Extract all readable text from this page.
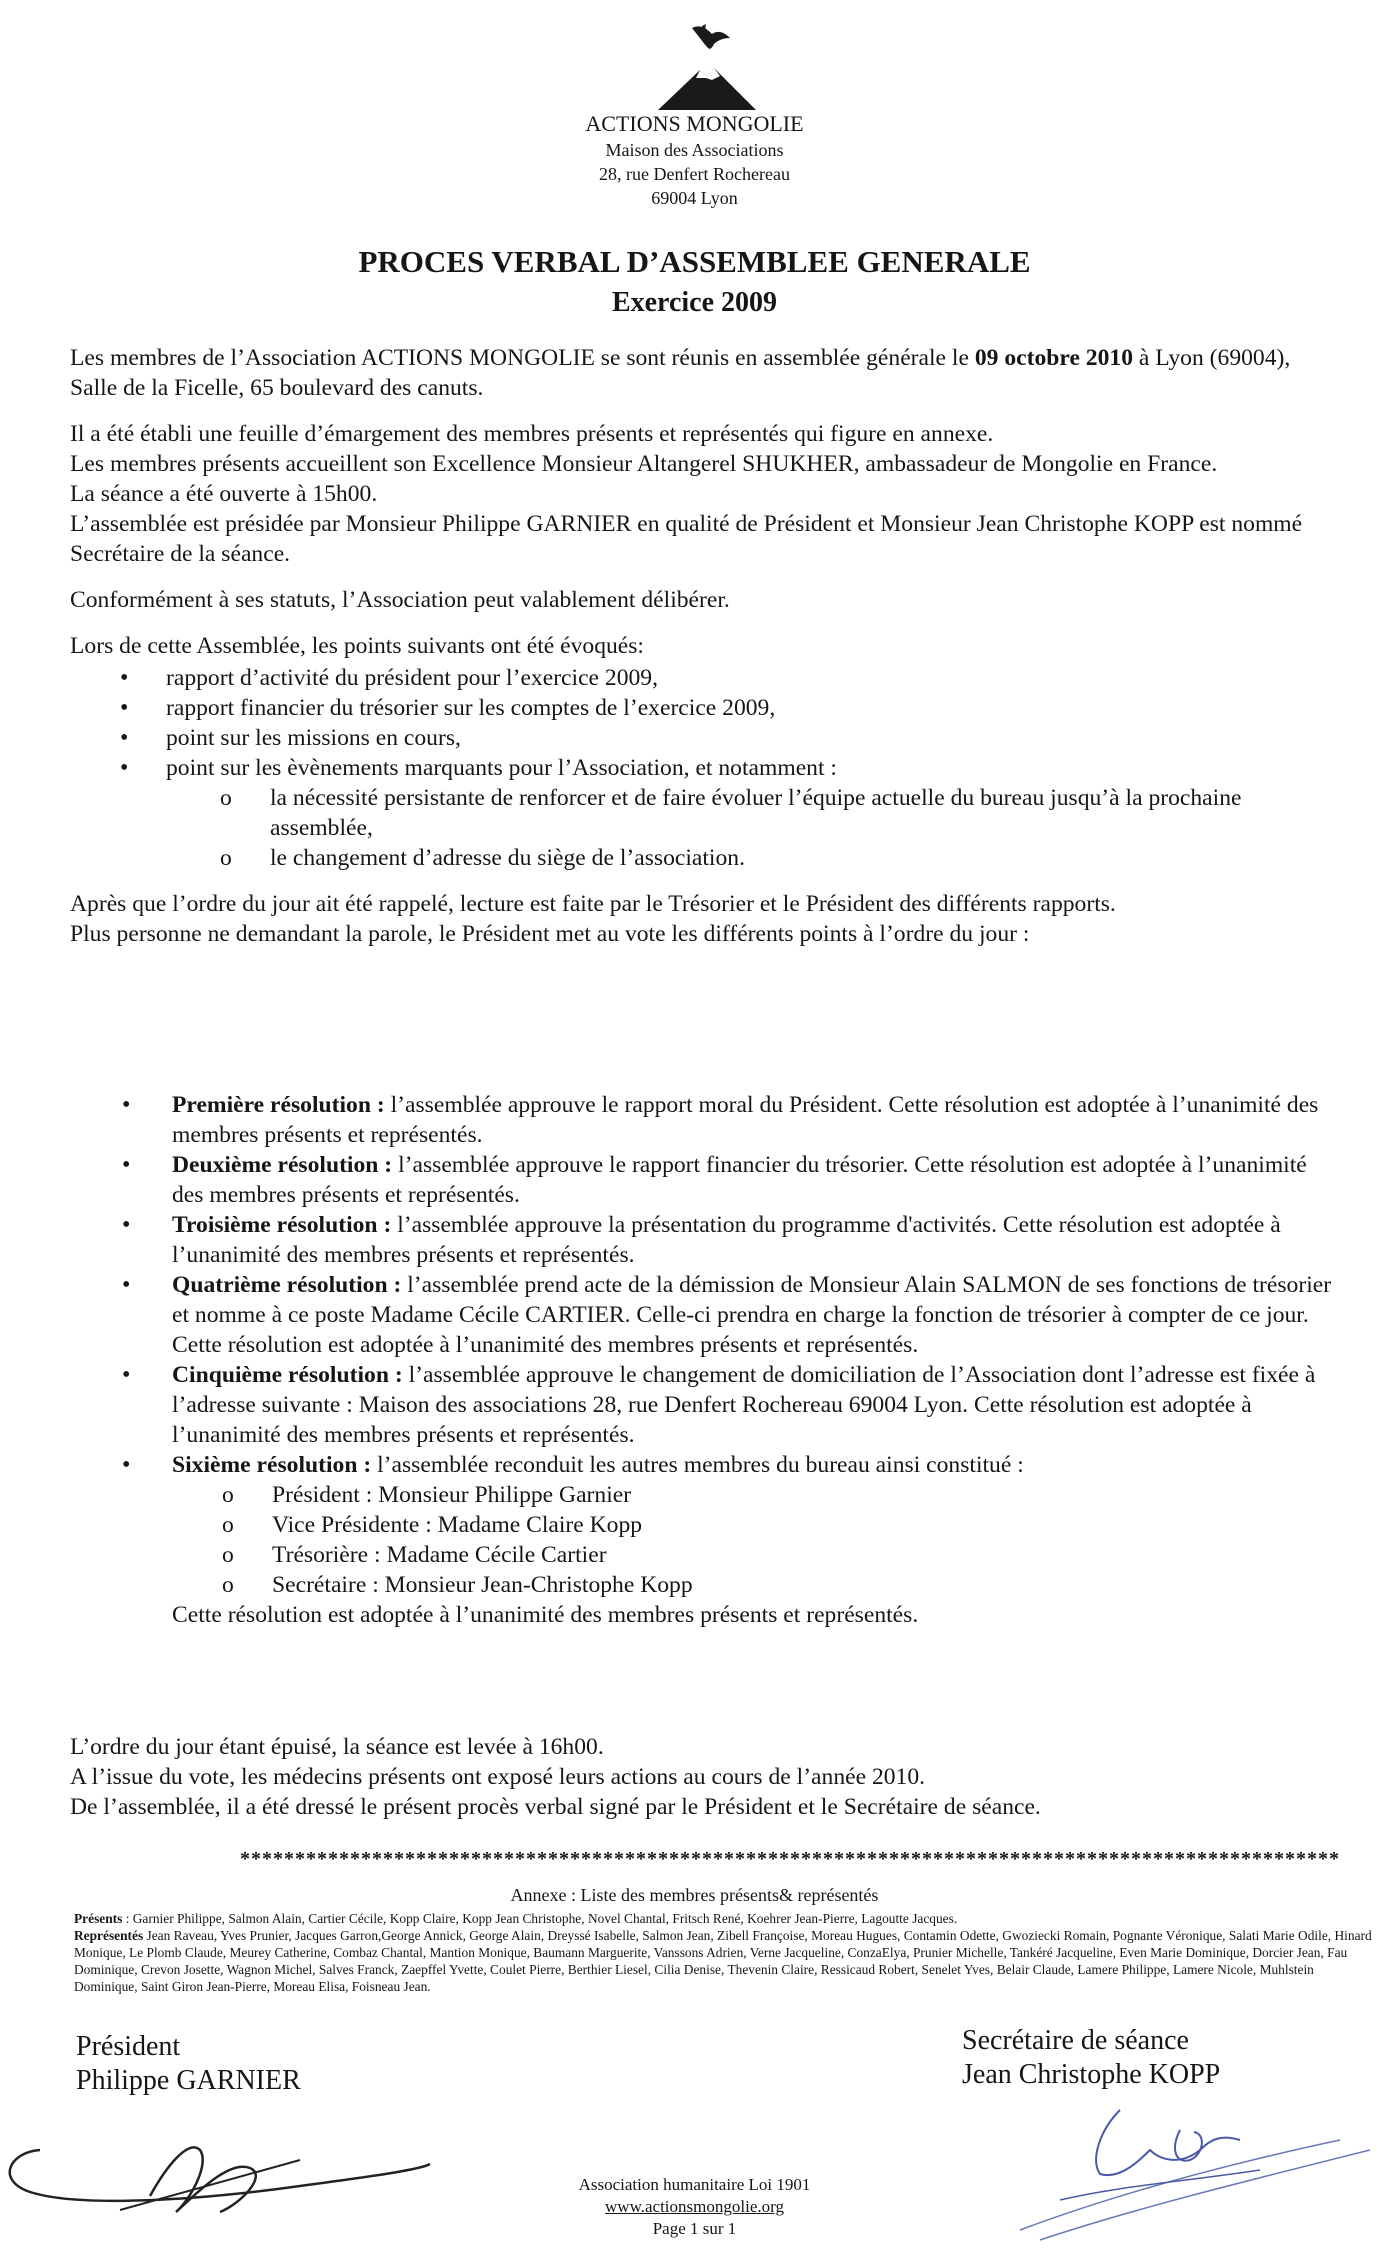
ACTIONS MONGOLIE
Maison des Associations
28, rue Denfert Rochereau
69004 Lyon
PROCES VERBAL D’ASSEMBLEE GENERALE
Exercice 2009

Les membres de l’Association ACTIONS MONGOLIE se sont réunis en assemblée générale le 09 octobre 2010 à Lyon (69004), Salle de la Ficelle, 65 boulevard des canuts.

Il a été établi une feuille d’émargement des membres présents et représentés qui figure en annexe.
Les membres présents accueillent son Excellence Monsieur Altangerel SHUKHER, ambassadeur de Mongolie en France.
La séance a été ouverte à 15h00.
L’assemblée est présidée par Monsieur Philippe GARNIER en qualité de Président et Monsieur Jean Christophe KOPP est nommé Secrétaire de la séance.

Conformément à ses statuts, l’Association peut valablement délibérer.

Lors de cette Assemblée, les points suivants ont été évoqués:

• rapport d’activité du président pour l’exercice 2009,

• rapport financier du trésorier sur les comptes de l’exercice 2009,

• point sur les missions en cours,

• point sur les èvènements marquants pour l’Association, et notamment :

o la nécessité persistante de renforcer et de faire évoluer l’équipe actuelle du bureau jusqu’à la prochaine assemblée,

o le changement d’adresse du siège de l’association.

Après que l’ordre du jour ait été rappelé, lecture est faite par le Trésorier et le Président des différents rapports.
Plus personne ne demandant la parole, le Président met au vote les différents points à l’ordre du jour :

• Première résolution : l’assemblée approuve le rapport moral du Président. Cette résolution est adoptée à l’unanimité des membres présents et représentés.

• Deuxième résolution : l’assemblée approuve le rapport financier du trésorier. Cette résolution est adoptée à l’unanimité des membres présents et représentés.

• Troisième résolution : l’assemblée approuve la présentation du programme d'activités. Cette résolution est adoptée à l’unanimité des membres présents et représentés.

• Quatrième résolution : l’assemblée prend acte de la démission de Monsieur Alain SALMON de ses fonctions de trésorier et nomme à ce poste Madame Cécile CARTIER. Celle-ci prendra en charge la fonction de trésorier à compter de ce jour. Cette résolution est adoptée à l’unanimité des membres présents et représentés.

• Cinquième résolution : l’assemblée approuve le changement de domiciliation de l’Association dont l’adresse est fixée à l’adresse suivante : Maison des associations 28, rue Denfert Rochereau 69004 Lyon. Cette résolution est adoptée à l’unanimité des membres présents et représentés.

• Sixième résolution : l’assemblée reconduit les autres membres du bureau ainsi constitué :

o Président : Monsieur Philippe Garnier

o Vice Présidente : Madame Claire Kopp

o Trésorière : Madame Cécile Cartier

o Secrétaire : Monsieur Jean-Christophe Kopp

Cette résolution est adoptée à l’unanimité des membres présents et représentés.

L’ordre du jour étant épuisé, la séance est levée à 16h00.
A l’issue du vote, les médecins présents ont exposé leurs actions au cours de l’année 2010.
De l’assemblée, il a été dressé le présent procès verbal signé par le Président et le Secrétaire de séance.
****************************************************************************************************
Annexe : Liste des membres présents& représentés
Présents : Garnier Philippe, Salmon Alain, Cartier Cécile, Kopp Claire, Kopp Jean Christophe, Novel Chantal, Fritsch René, Koehrer Jean-Pierre, Lagoutte Jacques.
Représentés Jean Raveau, Yves Prunier, Jacques Garron,George Annick, George Alain, Dreyssé Isabelle, Salmon Jean, Zibell Françoise, Moreau Hugues, Contamin Odette, Gwoziecki Romain, Pognante Véronique, Salati Marie Odile, Hinard Monique, Le Plomb Claude, Meurey Catherine, Combaz Chantal, Mantion Monique, Baumann Marguerite, Vanssons Adrien, Verne Jacqueline, ConzaElya, Prunier Michelle, Tankéré Jacqueline, Even Marie Dominique, Dorcier Jean, Fau Dominique, Crevon Josette, Wagnon Michel, Salves Franck, Zaepffel Yvette, Coulet Pierre, Berthier Liesel, Cilia Denise, Thevenin Claire, Ressicaud Robert, Senelet Yves, Belair Claude, Lamere Philippe, Lamere Nicole, Muhlstein Dominique, Saint Giron Jean-Pierre, Moreau Elisa, Foisneau Jean.
Président
Philippe GARNIER
Secrétaire de séance
Jean Christophe KOPP
Association humanitaire Loi 1901
www.actionsmongolie.org
Page 1 sur 1
